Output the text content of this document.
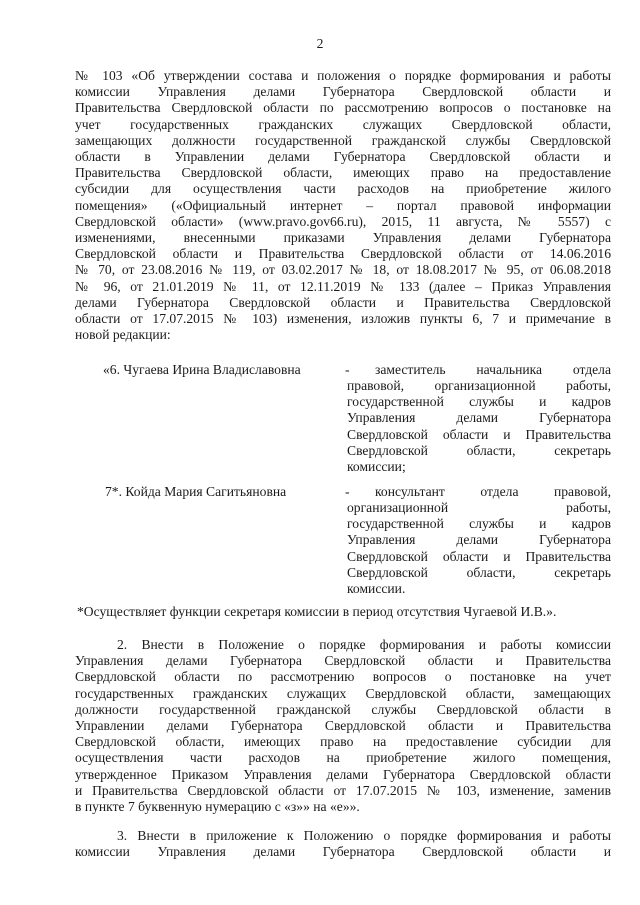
2
№ 103 «Об утверждении состава и положения о порядке формирования и работы
комиссии Управления делами Губернатора Свердловской области и
Правительства Свердловской области по рассмотрению вопросов о постановке на
учет государственных гражданских служащих Свердловской области,
замещающих должности государственной гражданской службы Свердловской
области в Управлении делами Губернатора Свердловской области и
Правительства Свердловской области, имеющих право на предоставление
субсидии для осуществления части расходов на приобретение жилого
помещения» («Официальный интернет – портал правовой информации
Свердловской области» (www.pravo.gov66.ru), 2015, 11 августа, № 5557) с
изменениями, внесенными приказами Управления делами Губернатора
Свердловской области и Правительства Свердловской области от 14.06.2016
№ 70, от 23.08.2016 № 119, от 03.02.2017 № 18, от 18.08.2017 № 95, от 06.08.2018
№ 96, от 21.01.2019 № 11, от 12.11.2019 № 133 (далее – Приказ Управления
делами Губернатора Свердловской области и Правительства Свердловской
области от 17.07.2015 № 103) изменения, изложив пункты 6, 7 и примечание в
новой редакции:
«6. Чугаева Ирина Владиславовна	- заместитель начальника отдела
правовой, организационной работы,
государственной службы и кадров
Управления делами Губернатора
Свердловской области и Правительства
Свердловской области, секретарь
комиссии;
7*. Койда Мария Сагитьяновна	- консультант отдела правовой,
организационной работы,
государственной службы и кадров
Управления делами Губернатора
Свердловской области и Правительства
Свердловской области, секретарь
комиссии.
*Осуществляет функции секретаря комиссии в период отсутствия Чугаевой И.В.».
2. Внести в Положение о порядке формирования и работы комиссии
Управления делами Губернатора Свердловской области и Правительства
Свердловской области по рассмотрению вопросов о постановке на учет
государственных гражданских служащих Свердловской области, замещающих
должности государственной гражданской службы Свердловской области в
Управлении делами Губернатора Свердловской области и Правительства
Свердловской области, имеющих право на предоставление субсидии для
осуществления части расходов на приобретение жилого помещения,
утвержденное Приказом Управления делами Губернатора Свердловской области
и Правительства Свердловской области от 17.07.2015 № 103, изменение, заменив
в пункте 7 буквенную нумерацию с «з»» на «е»».
3. Внести в приложение к Положению о порядке формирования и работы
комиссии Управления делами Губернатора Свердловской области и
